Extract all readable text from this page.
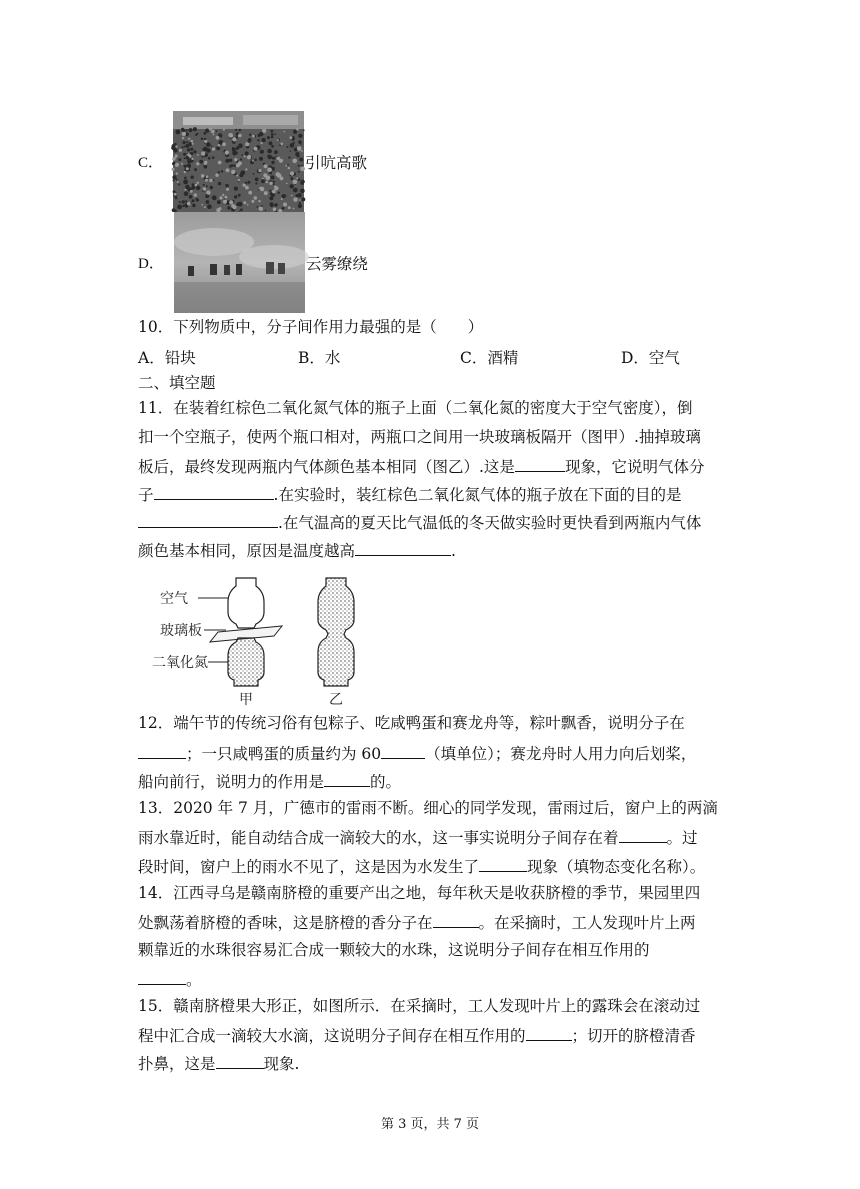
C．	引吭高歌
D．	云雾缭绕
10．下列物质中，分子间作用力最强的是（　　）
A．铅块	B．水	C．酒精	D．空气
二、填空题
11．在装着红棕色二氧化氮气体的瓶子上面（二氧化氮的密度大于空气密度），倒
扣一个空瓶子，使两个瓶口相对，两瓶口之间用一块玻璃板隔开（图甲）.抽掉玻璃
板后，最终发现两瓶内气体颜色基本相同（图乙）.这是	现象，它说明气体分
子	.在实验时，装红棕色二氧化氮气体的瓶子放在下面的目的是
.在气温高的夏天比气温低的冬天做实验时更快看到两瓶内气体
颜色基本相同，原因是温度越高	.
空气
玻璃板
二氧化氮
甲	乙
12．端午节的传统习俗有包粽子、吃咸鸭蛋和赛龙舟等，粽叶飘香，说明分子在
；一只咸鸭蛋的质量约为 60	（填单位）；赛龙舟时人用力向后划桨，
船向前行，说明力的作用是	的。
13．2020 年 7 月，广德市的雷雨不断。细心的同学发现，雷雨过后，窗户上的两滴
雨水靠近时，能自动结合成一滴较大的水，这一事实说明分子间存在着	。过
段时间，窗户上的雨水不见了，这是因为水发生了	现象（填物态变化名称）。
14．江西寻乌是赣南脐橙的重要产出之地，每年秋天是收获脐橙的季节，果园里四
处飘荡着脐橙的香味，这是脐橙的香分子在	。在采摘时，工人发现叶片上两
颗靠近的水珠很容易汇合成一颗较大的水珠，这说明分子间存在相互作用的
。
15．赣南脐橙果大形正，如图所示．在采摘时，工人发现叶片上的露珠会在滚动过
程中汇合成一滴较大水滴，这说明分子间存在相互作用的	；切开的脐橙清香
扑鼻，这是	现象.
第 3 页，共 7 页
